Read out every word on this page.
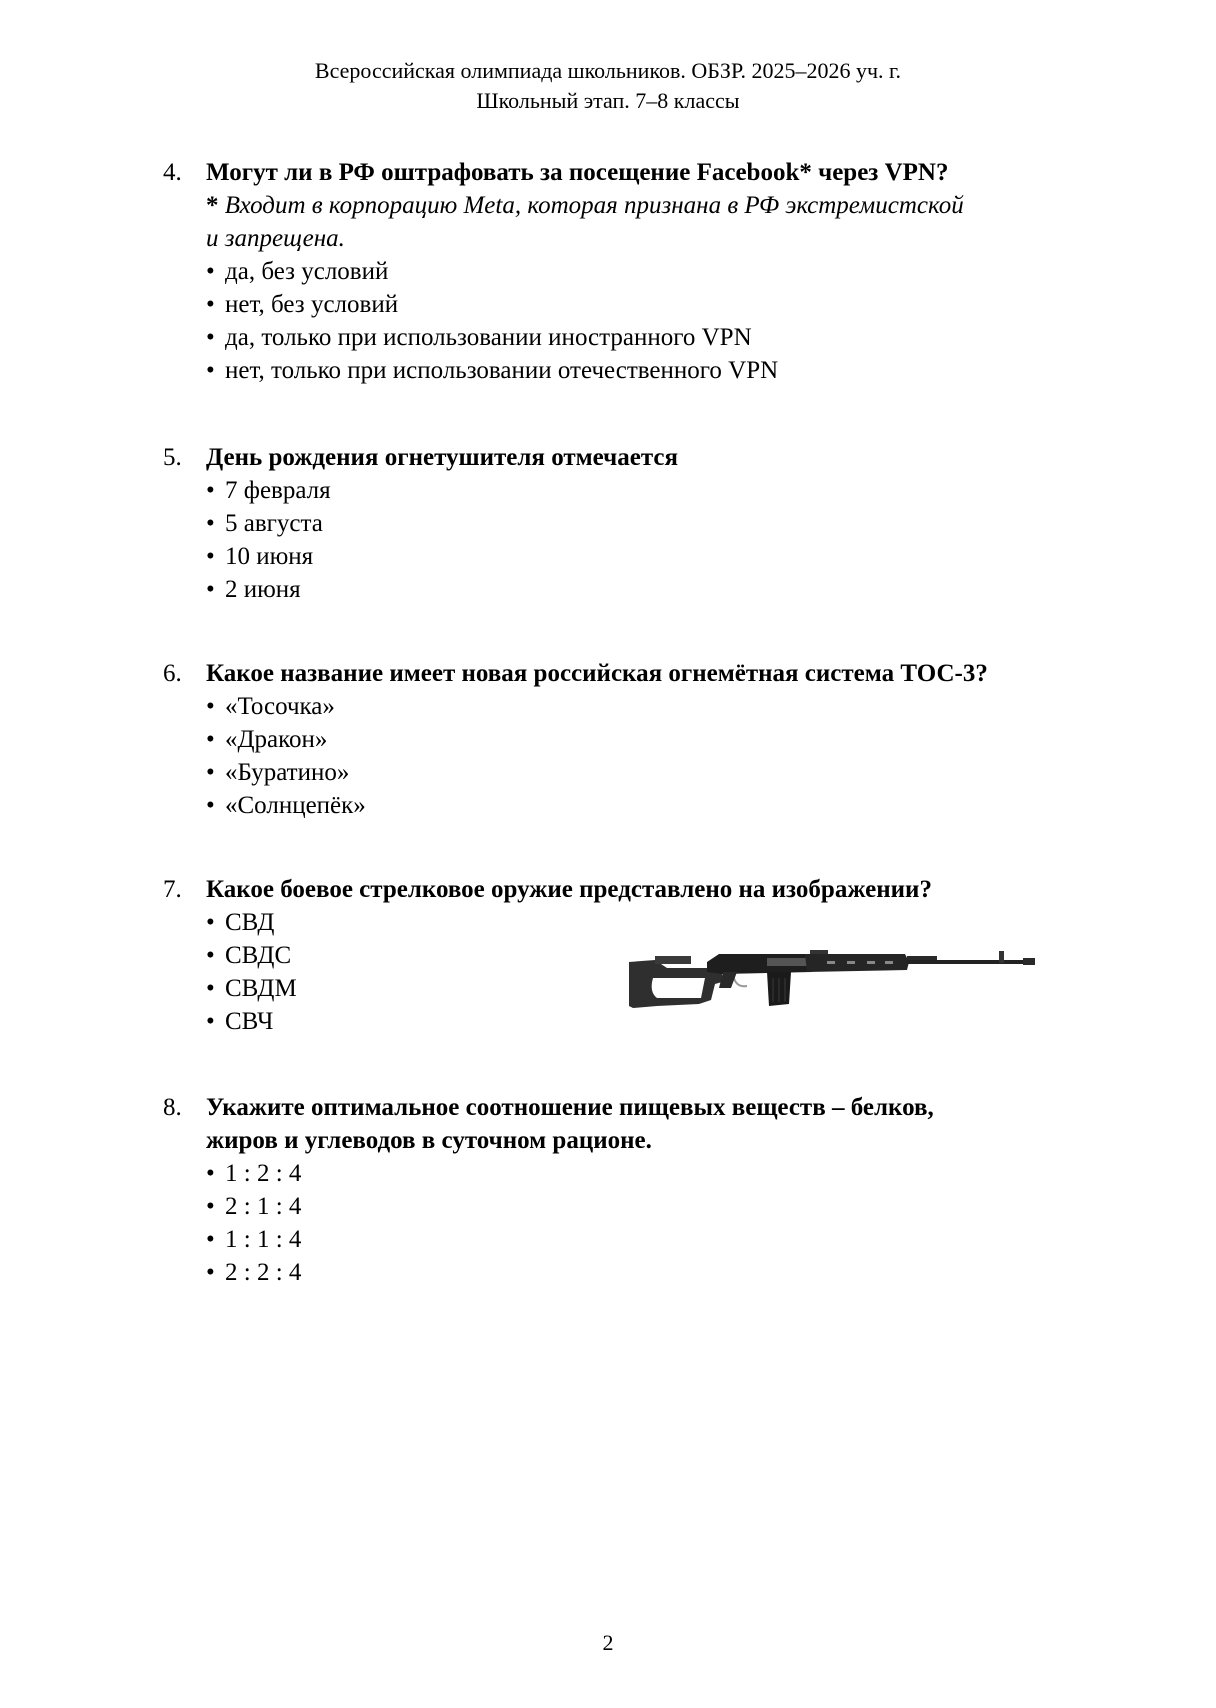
Всероссийская олимпиада школьников. ОБЗР. 2025–2026 уч. г.
Школьный этап. 7–8 классы
4. Могут ли в РФ оштрафовать за посещение Facebook* через VPN?
* Входит в корпорацию Meta, которая признана в РФ экстремистской
и запрещена.
• да, без условий
• нет, без условий
• да, только при использовании иностранного VPN
• нет, только при использовании отечественного VPN
5. День рождения огнетушителя отмечается
• 7 февраля
• 5 августа
• 10 июня
• 2 июня
6. Какое название имеет новая российская огнемётная система ТОС-3?
• «Тосочка»
• «Дракон»
• «Буратино»
• «Солнцепёк»
7. Какое боевое стрелковое оружие представлено на изображении?
• СВД
• СВДС
• СВДМ
• СВЧ
8. Укажите оптимальное соотношение пищевых веществ – белков,
жиров и углеводов в суточном рационе.
• 1 : 2 : 4
• 2 : 1 : 4
• 1 : 1 : 4
• 2 : 2 : 4
2
